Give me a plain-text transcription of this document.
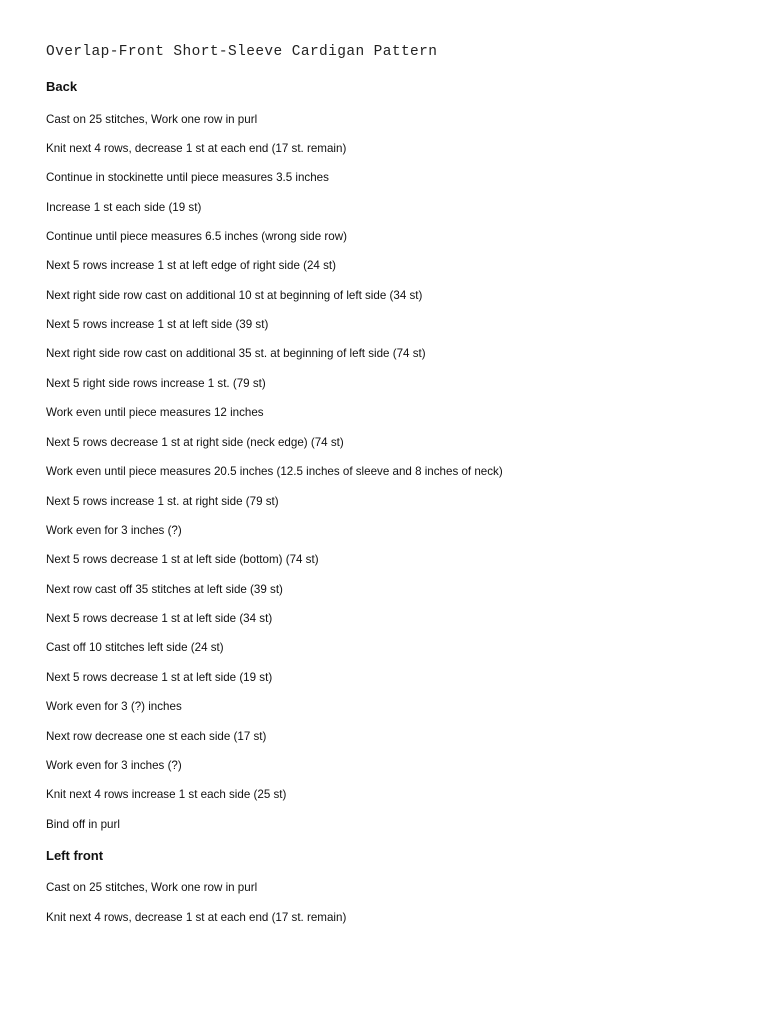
Overlap-Front Short-Sleeve Cardigan Pattern
Back
Cast on 25 stitches, Work one row in purl
Knit next 4 rows, decrease 1 st at each end (17 st. remain)
Continue in stockinette until piece measures 3.5 inches
Increase 1 st each side (19 st)
Continue until piece measures 6.5 inches (wrong side row)
Next 5 rows increase 1 st at left edge of right side (24 st)
Next right side row cast on additional 10 st at beginning of left side (34 st)
Next 5 rows increase 1 st at left side (39 st)
Next right side row cast on additional 35 st. at beginning of left side (74 st)
Next 5 right side rows increase 1 st. (79 st)
Work even until piece measures 12 inches
Next 5 rows decrease 1 st at right side (neck edge) (74 st)
Work even until piece measures 20.5 inches (12.5 inches of sleeve and 8 inches of neck)
Next 5 rows increase 1 st. at right side (79 st)
Work even for 3 inches (?)
Next 5 rows decrease 1 st at left side (bottom) (74 st)
Next row cast off 35 stitches at left side (39 st)
Next 5 rows decrease 1 st at left side (34 st)
Cast off 10 stitches left side (24 st)
Next 5 rows decrease 1 st at left side (19 st)
Work even for 3 (?) inches
Next row decrease one st each side (17 st)
Work even for 3 inches (?)
Knit next 4 rows increase 1 st each side (25 st)
Bind off in purl
Left front
Cast on 25 stitches, Work one row in purl
Knit next 4 rows, decrease 1 st at each end (17 st. remain)
